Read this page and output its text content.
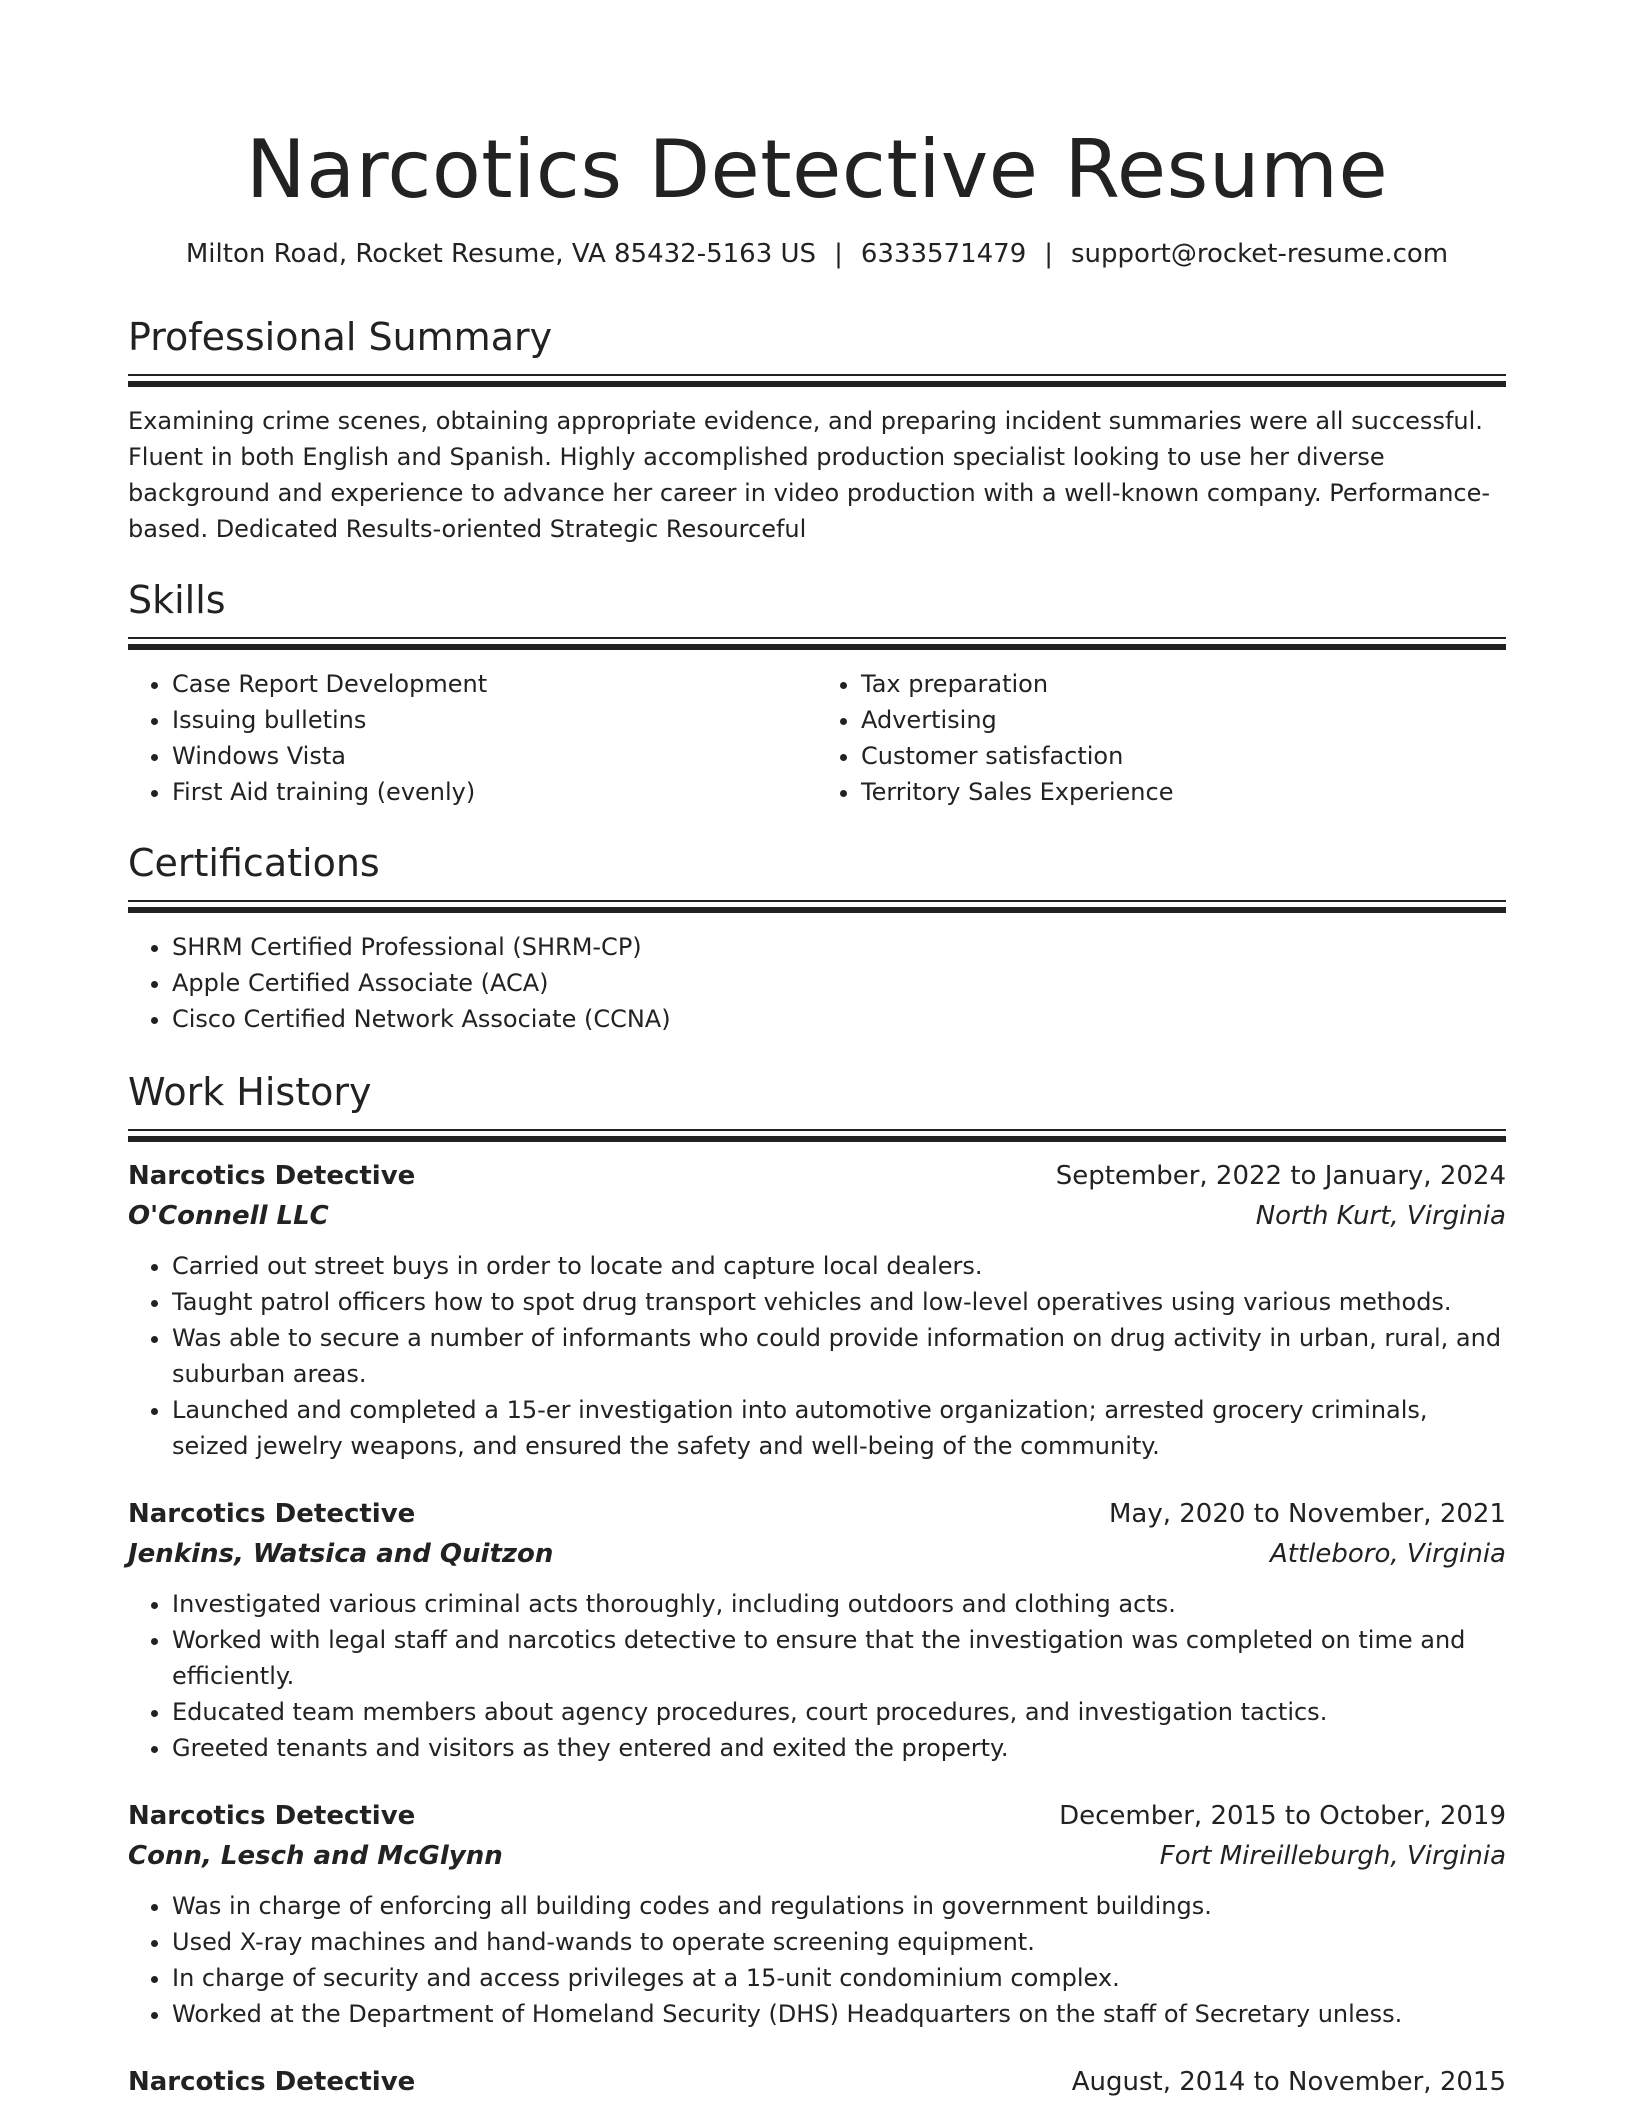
Narcotics Detective Resume
Milton Road, Rocket Resume, VA 85432-5163 US | 6333571479 | support@rocket-resume.com
Professional Summary
Examining crime scenes, obtaining appropriate evidence, and preparing incident summaries were all successful. Fluent in both English and Spanish. Highly accomplished production specialist looking to use her diverse background and experience to advance her career in video production with a well-known company. Performance-based. Dedicated Results-oriented Strategic Resourceful
Skills
• Case Report Development
• Issuing bulletins
• Windows Vista
• First Aid training (evenly)
• Tax preparation
• Advertising
• Customer satisfaction
• Territory Sales Experience
Certifications
• SHRM Certified Professional (SHRM-CP)
• Apple Certified Associate (ACA)
• Cisco Certified Network Associate (CCNA)
Work History
Narcotics Detective	September, 2022 to January, 2024
O'Connell LLC	North Kurt, Virginia
• Carried out street buys in order to locate and capture local dealers.
• Taught patrol officers how to spot drug transport vehicles and low-level operatives using various methods.
• Was able to secure a number of informants who could provide information on drug activity in urban, rural, and suburban areas.
• Launched and completed a 15-er investigation into automotive organization; arrested grocery criminals, seized jewelry weapons, and ensured the safety and well-being of the community.
Narcotics Detective	May, 2020 to November, 2021
Jenkins, Watsica and Quitzon	Attleboro, Virginia
• Investigated various criminal acts thoroughly, including outdoors and clothing acts.
• Worked with legal staff and narcotics detective to ensure that the investigation was completed on time and efficiently.
• Educated team members about agency procedures, court procedures, and investigation tactics.
• Greeted tenants and visitors as they entered and exited the property.
Narcotics Detective	December, 2015 to October, 2019
Conn, Lesch and McGlynn	Fort Mireilleburgh, Virginia
• Was in charge of enforcing all building codes and regulations in government buildings.
• Used X-ray machines and hand-wands to operate screening equipment.
• In charge of security and access privileges at a 15-unit condominium complex.
• Worked at the Department of Homeland Security (DHS) Headquarters on the staff of Secretary unless.
Narcotics Detective	August, 2014 to November, 2015
